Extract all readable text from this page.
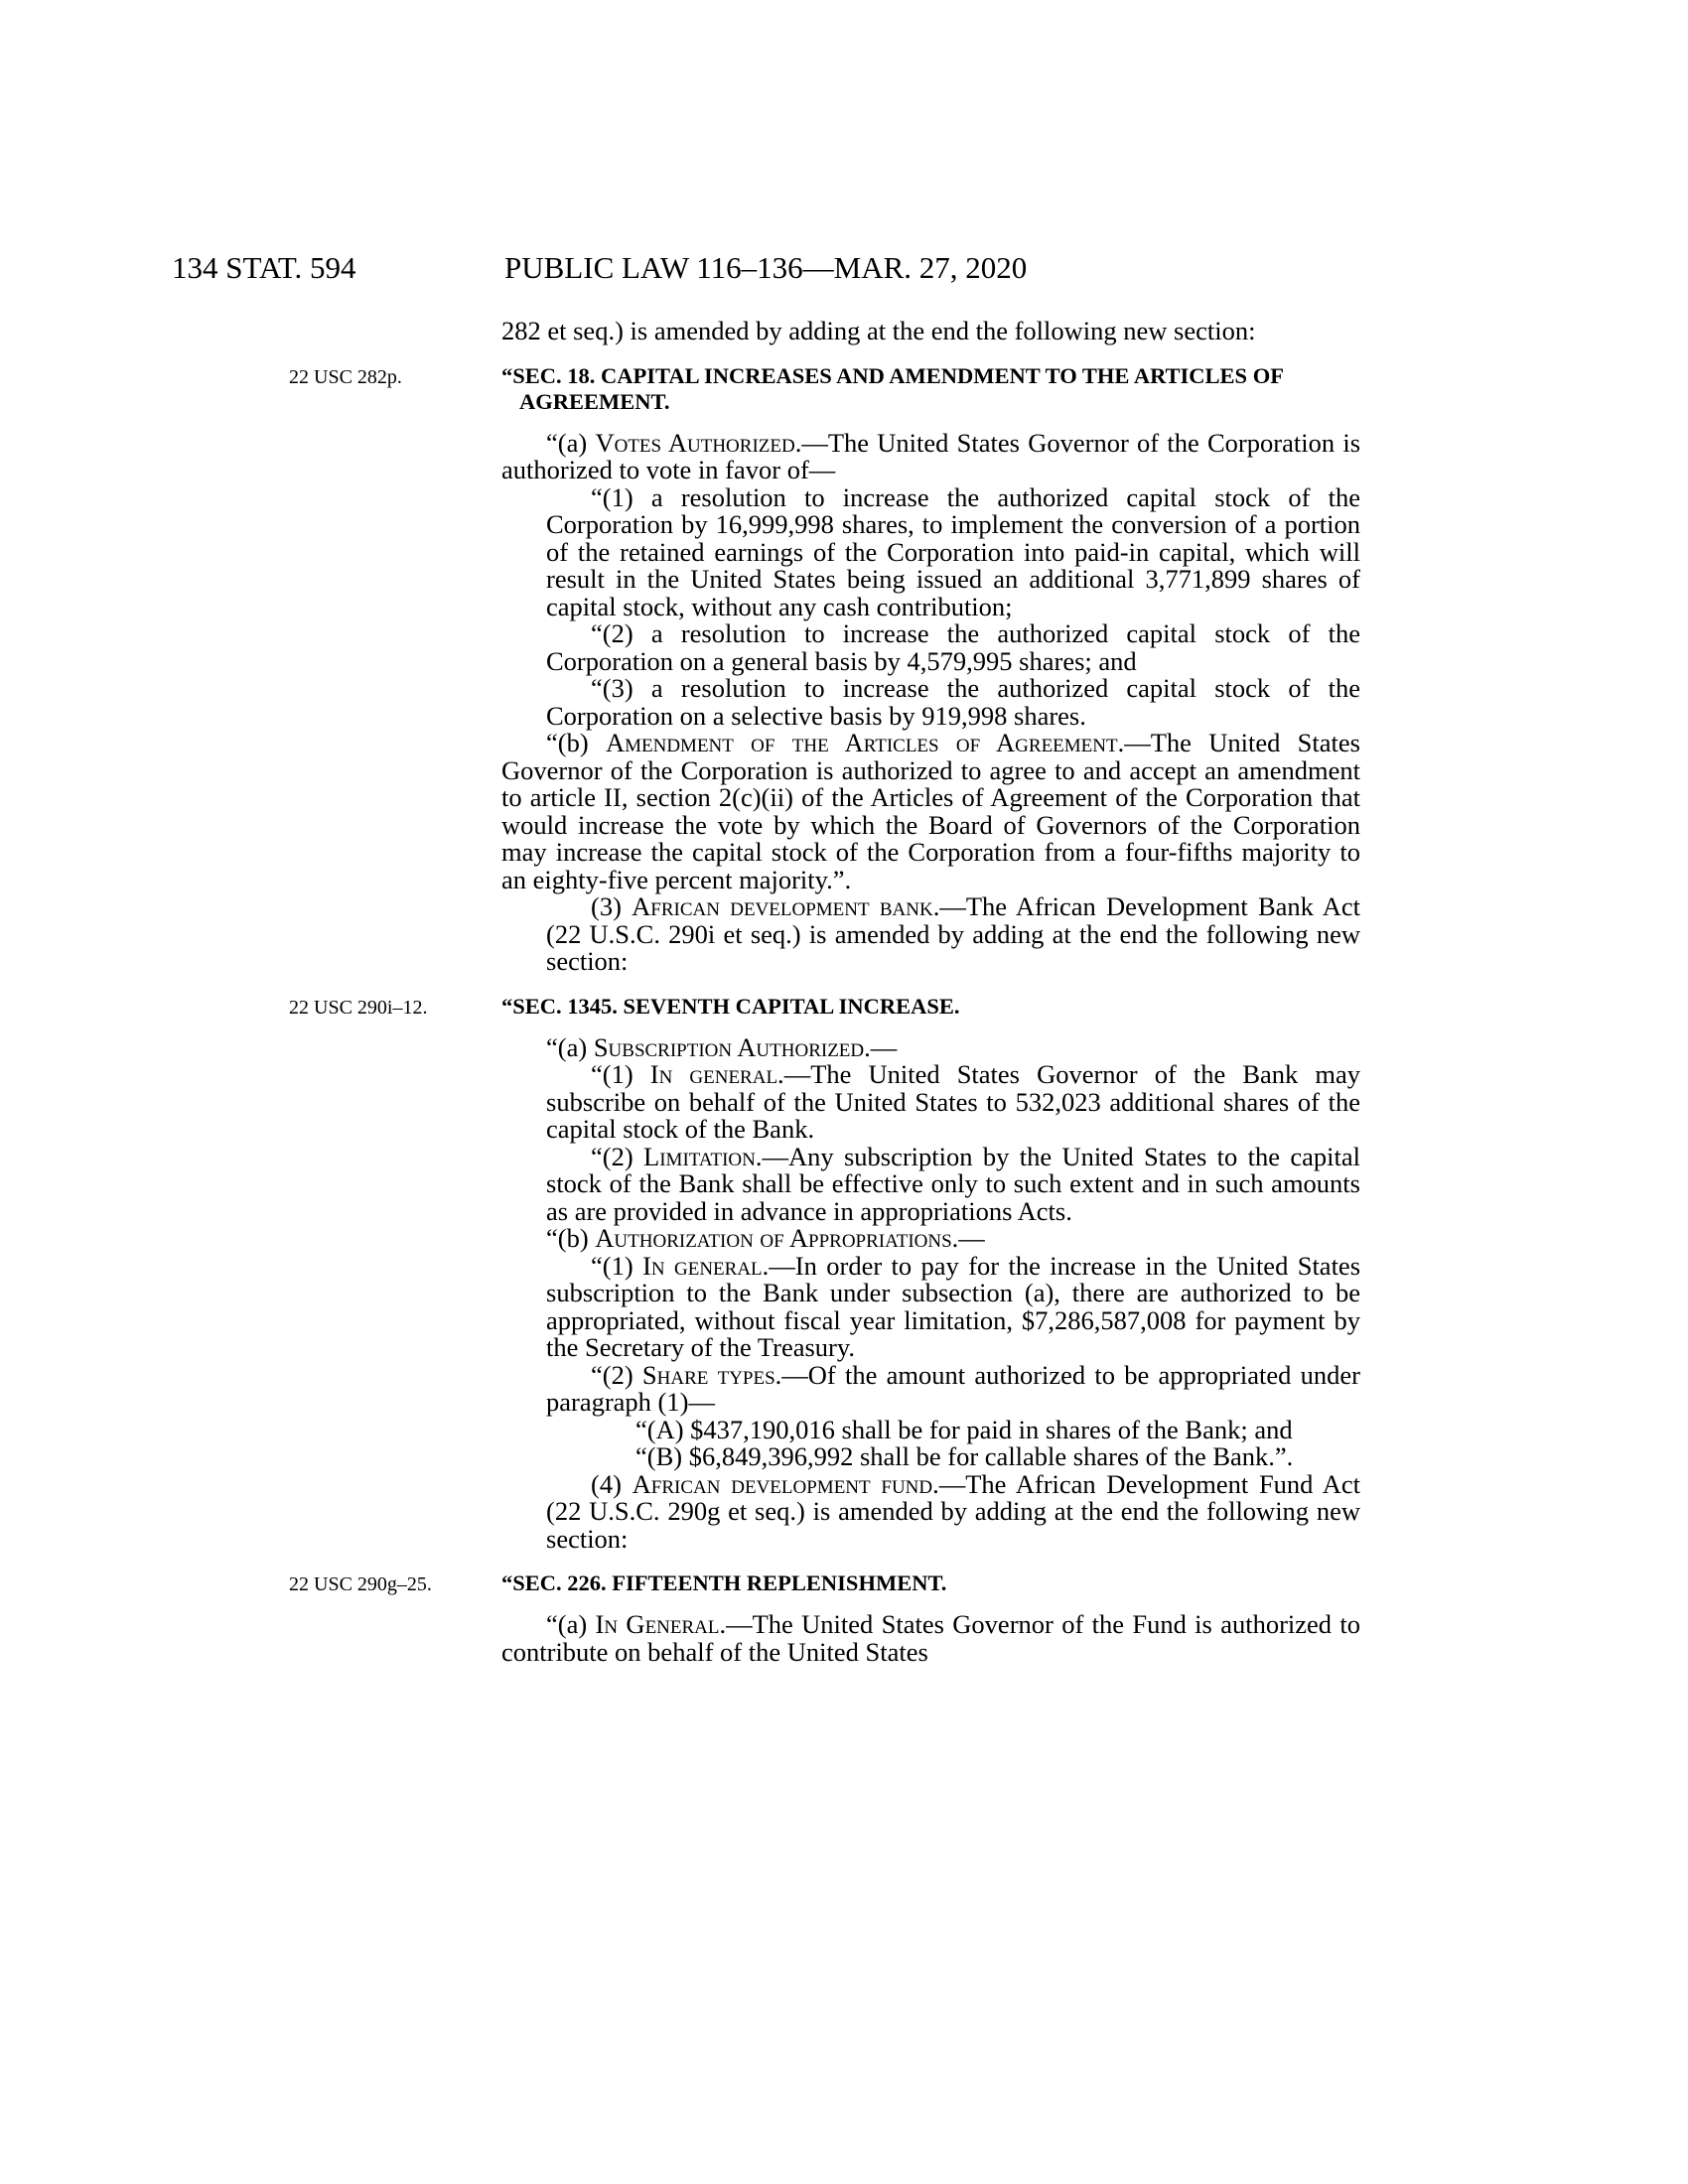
134 STAT. 594	PUBLIC LAW 116–136—MAR. 27, 2020

282 et seq.) is amended by adding at the end the following new section:

22 USC 282p.	“SEC. 18. CAPITAL INCREASES AND AMENDMENT TO THE ARTICLES OF AGREEMENT.

“(a) Votes Authorized.—The United States Governor of the Corporation is authorized to vote in favor of—

“(1) a resolution to increase the authorized capital stock of the Corporation by 16,999,998 shares, to implement the conversion of a portion of the retained earnings of the Corporation into paid-in capital, which will result in the United States being issued an additional 3,771,899 shares of capital stock, without any cash contribution;

“(2) a resolution to increase the authorized capital stock of the Corporation on a general basis by 4,579,995 shares; and

“(3) a resolution to increase the authorized capital stock of the Corporation on a selective basis by 919,998 shares.

“(b) Amendment of the Articles of Agreement.—The United States Governor of the Corporation is authorized to agree to and accept an amendment to article II, section 2(c)(ii) of the Articles of Agreement of the Corporation that would increase the vote by which the Board of Governors of the Corporation may increase the capital stock of the Corporation from a four-fifths majority to an eighty-five percent majority.”.

(3) African development bank.—The African Development Bank Act (22 U.S.C. 290i et seq.) is amended by adding at the end the following new section:

22 USC 290i–12.	“SEC. 1345. SEVENTH CAPITAL INCREASE.

“(a) Subscription Authorized.—

“(1) In general.—The United States Governor of the Bank may subscribe on behalf of the United States to 532,023 additional shares of the capital stock of the Bank.

“(2) Limitation.—Any subscription by the United States to the capital stock of the Bank shall be effective only to such extent and in such amounts as are provided in advance in appropriations Acts.

“(b) Authorization of Appropriations.—

“(1) In general.—In order to pay for the increase in the United States subscription to the Bank under subsection (a), there are authorized to be appropriated, without fiscal year limitation, $7,286,587,008 for payment by the Secretary of the Treasury.

“(2) Share types.—Of the amount authorized to be appropriated under paragraph (1)—

“(A) $437,190,016 shall be for paid in shares of the Bank; and

“(B) $6,849,396,992 shall be for callable shares of the Bank.”.

(4) African development fund.—The African Development Fund Act (22 U.S.C. 290g et seq.) is amended by adding at the end the following new section:

22 USC 290g–25.	“SEC. 226. FIFTEENTH REPLENISHMENT.

“(a) In General.—The United States Governor of the Fund is authorized to contribute on behalf of the United States
